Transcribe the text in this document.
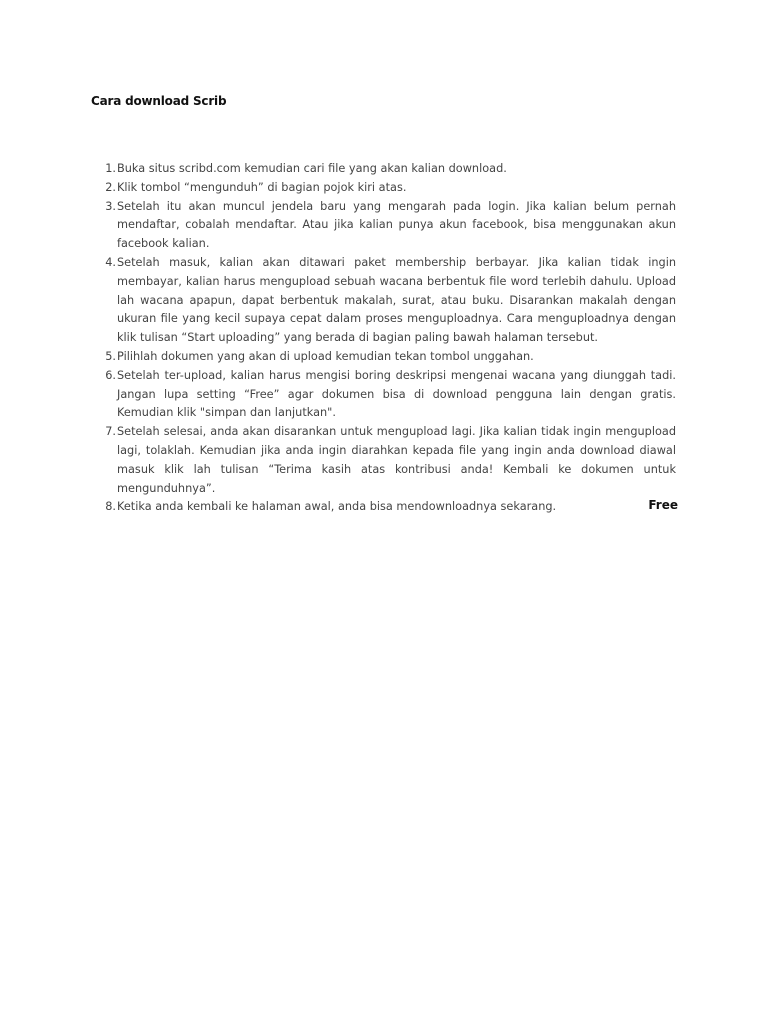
Cara download Scrib
1. Buka situs scribd.com kemudian cari file yang akan kalian download.
2. Klik tombol “mengunduh” di bagian pojok kiri atas.
3. Setelah itu akan muncul jendela baru yang mengarah pada login. Jika kalian belum pernah mendaftar, cobalah mendaftar. Atau jika kalian punya akun facebook, bisa menggunakan akun facebook kalian.
4. Setelah masuk, kalian akan ditawari paket membership berbayar. Jika kalian tidak ingin membayar, kalian harus mengupload sebuah wacana berbentuk file word terlebih dahulu. Upload lah wacana apapun, dapat berbentuk makalah, surat, atau buku. Disarankan makalah dengan ukuran file yang kecil supaya cepat dalam proses menguploadnya. Cara menguploadnya dengan klik tulisan “Start uploading” yang berada di bagian paling bawah halaman tersebut.
5. Pilihlah dokumen yang akan di upload kemudian tekan tombol unggahan.
6. Setelah ter-upload, kalian harus mengisi boring deskripsi mengenai wacana yang diunggah tadi. Jangan lupa setting “Free” agar dokumen bisa di download pengguna lain dengan gratis. Kemudian klik "simpan dan lanjutkan".
7. Setelah selesai, anda akan disarankan untuk mengupload lagi. Jika kalian tidak ingin mengupload lagi, tolaklah. Kemudian jika anda ingin diarahkan kepada file yang ingin anda download diawal masuk klik lah tulisan “Terima kasih atas kontribusi anda! Kembali ke dokumen untuk mengunduhnya”.
8. Ketika anda kembali ke halaman awal, anda bisa mendownloadnya sekarang.	Free
